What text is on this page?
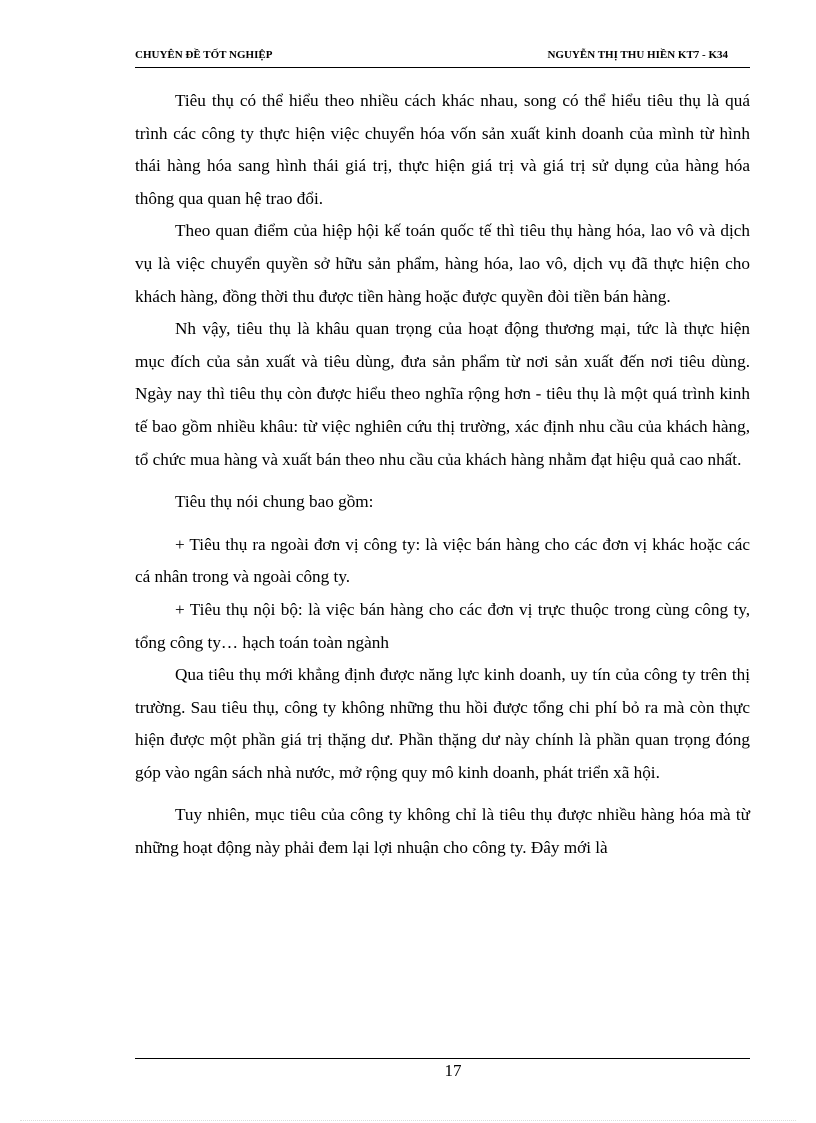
CHUYÊN ĐỀ TỐT NGHIỆP	NGUYỄN THỊ THU HIỀN KT7 - K34

Tiêu thụ có thể hiểu theo nhiều cách khác nhau, song có thể hiểu tiêu thụ là quá trình các công ty thực hiện việc chuyển hóa vốn sản xuất kinh doanh của mình từ hình thái hàng hóa sang hình thái giá trị, thực hiện giá trị và giá trị sử dụng của hàng hóa thông qua quan hệ trao đổi.

Theo quan điểm của hiệp hội kế toán quốc tế thì tiêu thụ hàng hóa, lao vô và dịch vụ là việc chuyển quyền sở hữu sản phẩm, hàng hóa, lao vô, dịch vụ đã thực hiện cho khách hàng, đồng thời thu được tiền hàng hoặc được quyền đòi tiền bán hàng.

Nh vậy, tiêu thụ là khâu quan trọng của hoạt động thương mại, tức là thực hiện mục đích của sản xuất và tiêu dùng, đưa sản phẩm từ nơi sản xuất đến nơi tiêu dùng. Ngày nay thì tiêu thụ còn được hiểu theo nghĩa rộng hơn - tiêu thụ là một quá trình kinh tế bao gồm nhiều khâu: từ việc nghiên cứu thị trường, xác định nhu cầu của khách hàng, tổ chức mua hàng và xuất bán theo nhu cầu của khách hàng nhằm đạt hiệu quả cao nhất.

Tiêu thụ nói chung bao gồm:

+ Tiêu thụ ra ngoài đơn vị công ty: là việc bán hàng cho các đơn vị khác hoặc các cá nhân trong và ngoài công ty.

+ Tiêu thụ nội bộ: là việc bán hàng cho các đơn vị trực thuộc trong cùng công ty, tổng công ty… hạch toán toàn ngành

Qua tiêu thụ mới khẳng định được năng lực kinh doanh, uy tín của công ty trên thị trường. Sau tiêu thụ, công ty không những thu hồi được tổng chi phí bỏ ra mà còn thực hiện được một phần giá trị thặng dư. Phần thặng dư này chính là phần quan trọng đóng góp vào ngân sách nhà nước, mở rộng quy mô kinh doanh, phát triển xã hội.

Tuy nhiên, mục tiêu của công ty không chỉ là tiêu thụ được nhiều hàng hóa mà từ những hoạt động này phải đem lại lợi nhuận cho công ty. Đây mới là

17
